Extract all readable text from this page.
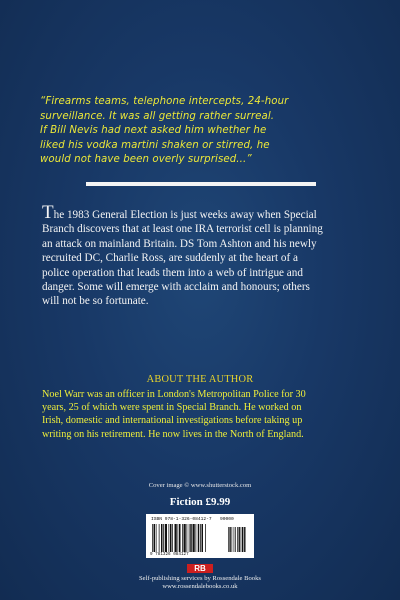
“Firearms teams, telephone intercepts, 24-hour
surveillance. It was all getting rather surreal.
If Bill Nevis had next asked him whether he
liked his vodka martini shaken or stirred, he
would not have been overly surprised...”
The 1983 General Election is just weeks away when Special
Branch discovers that at least one IRA terrorist cell is planning
an attack on mainland Britain. DS Tom Ashton and his newly
recruited DC, Charlie Ross, are suddenly at the heart of a
police operation that leads them into a web of intrigue and
danger. Some will emerge with acclaim and honours; others
will not be so fortunate.
ABOUT THE AUTHOR
Noel Warr was an officer in London's Metropolitan Police for 30
years, 25 of which were spent in Special Branch. He worked on
Irish, domestic and international investigations before taking up
writing on his retirement. He now lives in the North of England.
Cover image © www.shutterstock.com
Fiction £9.99
ISBN 978-1-326-08412-7 90000
9 781326 084127
RB
Self-publishing services by Rossendale Books
www.rossendalebooks.co.uk
